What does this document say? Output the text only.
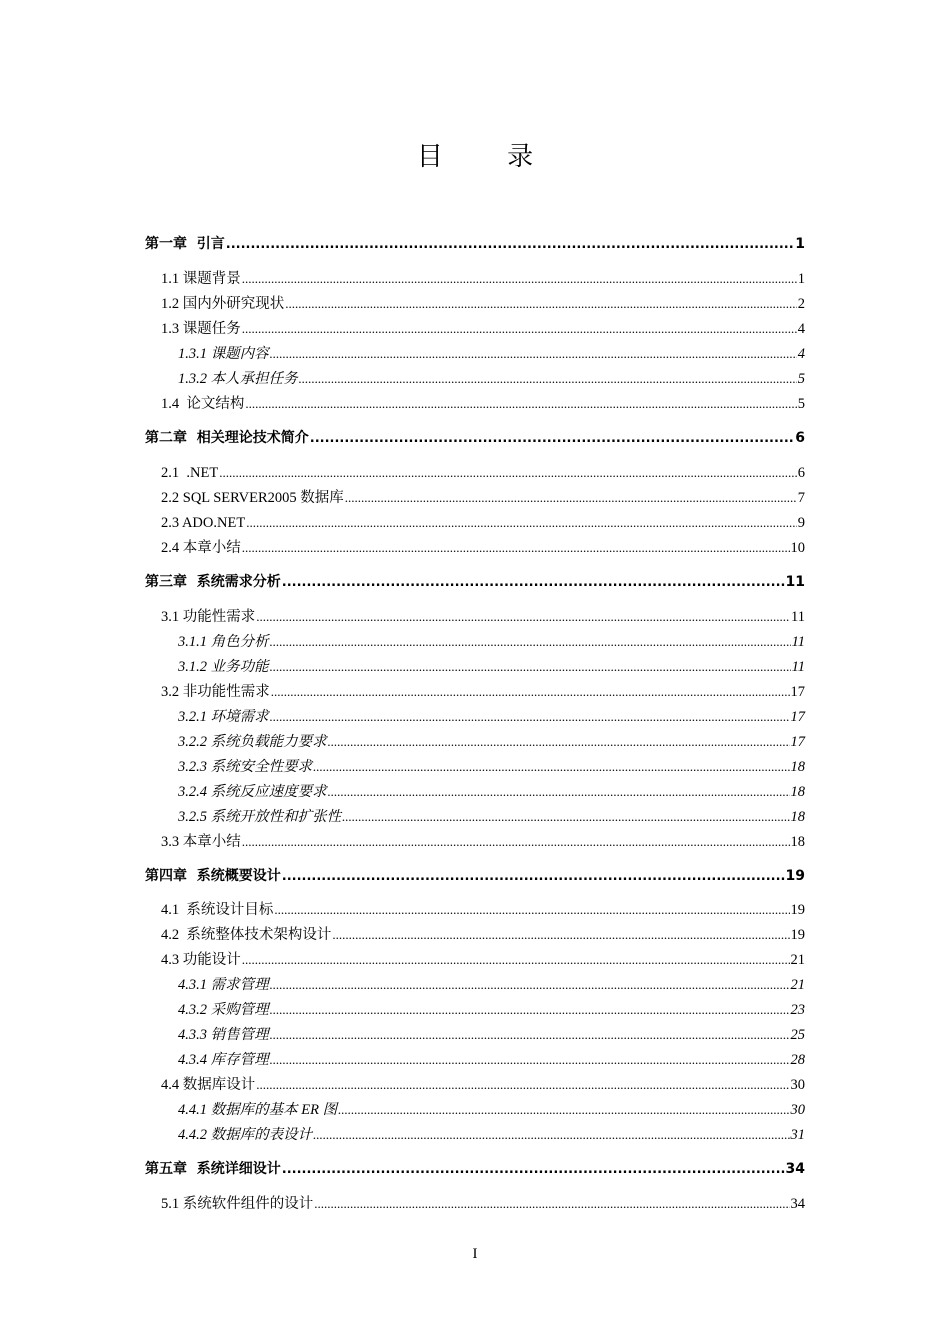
目 录
第一章  引言 .....	1
1.1 课题背景 .....	1
1.2 国内外研究现状 .....	2
1.3 课题任务 .....	4
1.3.1 课题内容 .....	4
1.3.2 本人承担任务 .....	5
1.4  论文结构 .....	5
第二章  相关理论技术简介 .....	6
2.1  .NET .....	6
2.2 SQL SERVER2005 数据库 .....	7
2.3 ADO.NET .....	9
2.4 本章小结 .....	10
第三章  系统需求分析 .....	11
3.1 功能性需求 .....	11
3.1.1 角色分析 .....	11
3.1.2 业务功能 .....	11
3.2 非功能性需求 .....	17
3.2.1 环境需求 .....	17
3.2.2 系统负载能力要求 .....	17
3.2.3 系统安全性要求 .....	18
3.2.4 系统反应速度要求 .....	18
3.2.5 系统开放性和扩张性 .....	18
3.3 本章小结 .....	18
第四章  系统概要设计 .....	19
4.1  系统设计目标 .....	19
4.2  系统整体技术架构设计 .....	19
4.3 功能设计 .....	21
4.3.1 需求管理 .....	21
4.3.2 采购管理 .....	23
4.3.3 销售管理 .....	25
4.3.4 库存管理 .....	28
4.4 数据库设计 .....	30
4.4.1 数据库的基本 ER 图 .....	30
4.4.2 数据库的表设计 .....	31
第五章  系统详细设计 .....	34
5.1 系统软件组件的设计 .....	34
I
